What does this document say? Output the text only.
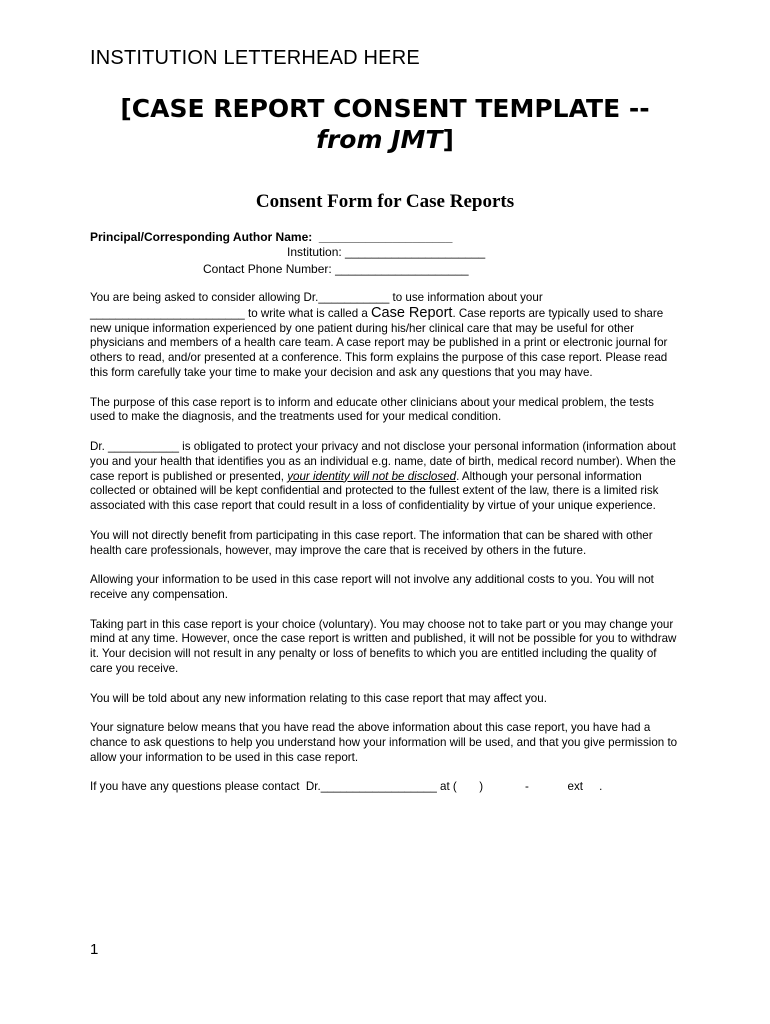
INSTITUTION LETTERHEAD HERE
[CASE REPORT CONSENT TEMPLATE --
from JMT]
Consent Form for Case Reports
Principal/Corresponding Author Name:  ____________________
Institution: _____________________
Contact Phone Number: ____________________

You are being asked to consider allowing Dr.___________ to use information about your ________________________ to write what is called a Case Report. Case reports are typically used to share new unique information experienced by one patient during his/her clinical care that may be useful for other physicians and members of a health care team. A case report may be published in a print or electronic journal for others to read, and/or presented at a conference. This form explains the purpose of this case report. Please read this form carefully take your time to make your decision and ask any questions that you may have.

The purpose of this case report is to inform and educate other clinicians about your medical problem, the tests used to make the diagnosis, and the treatments used for your medical condition.

Dr. ___________ is obligated to protect your privacy and not disclose your personal information (information about you and your health that identifies you as an individual e.g. name, date of birth, medical record number). When the case report is published or presented, your identity will not be disclosed. Although your personal information collected or obtained will be kept confidential and protected to the fullest extent of the law, there is a limited risk associated with this case report that could result in a loss of confidentiality by virtue of your unique experience.

You will not directly benefit from participating in this case report. The information that can be shared with other health care professionals, however, may improve the care that is received by others in the future.

Allowing your information to be used in this case report will not involve any additional costs to you. You will not receive any compensation.

Taking part in this case report is your choice (voluntary). You may choose not to take part or you may change your mind at any time. However, once the case report is written and published, it will not be possible for you to withdraw it. Your decision will not result in any penalty or loss of benefits to which you are entitled including the quality of care you receive.

You will be told about any new information relating to this case report that may affect you.

Your signature below means that you have read the above information about this case report, you have had a chance to ask questions to help you understand how your information will be used, and that you give permission to allow your information to be used in this case report.

If you have any questions please contact  Dr.__________________ at (       )             -            ext     .

1
